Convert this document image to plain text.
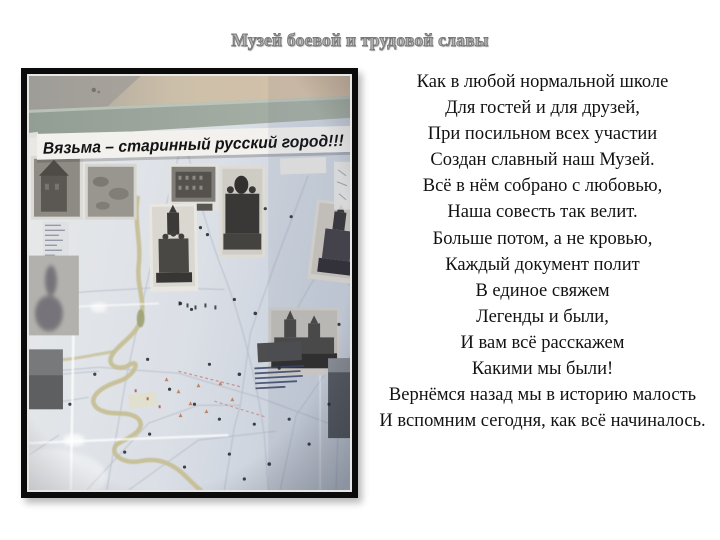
Музей боевой и трудовой славы
Как в любой нормальной школе
Для гостей и для друзей,
При посильном всех участии
Создан славный наш Музей.
Всё в нём собрано с любовью,
Наша совесть так велит.
Больше потом, а не кровью,
Каждый документ полит
В единое свяжем
Легенды и были,
И вам всё расскажем
Какими мы были!
Вернёмся назад мы в историю малость
И вспомним сегодня, как всё начиналось.
